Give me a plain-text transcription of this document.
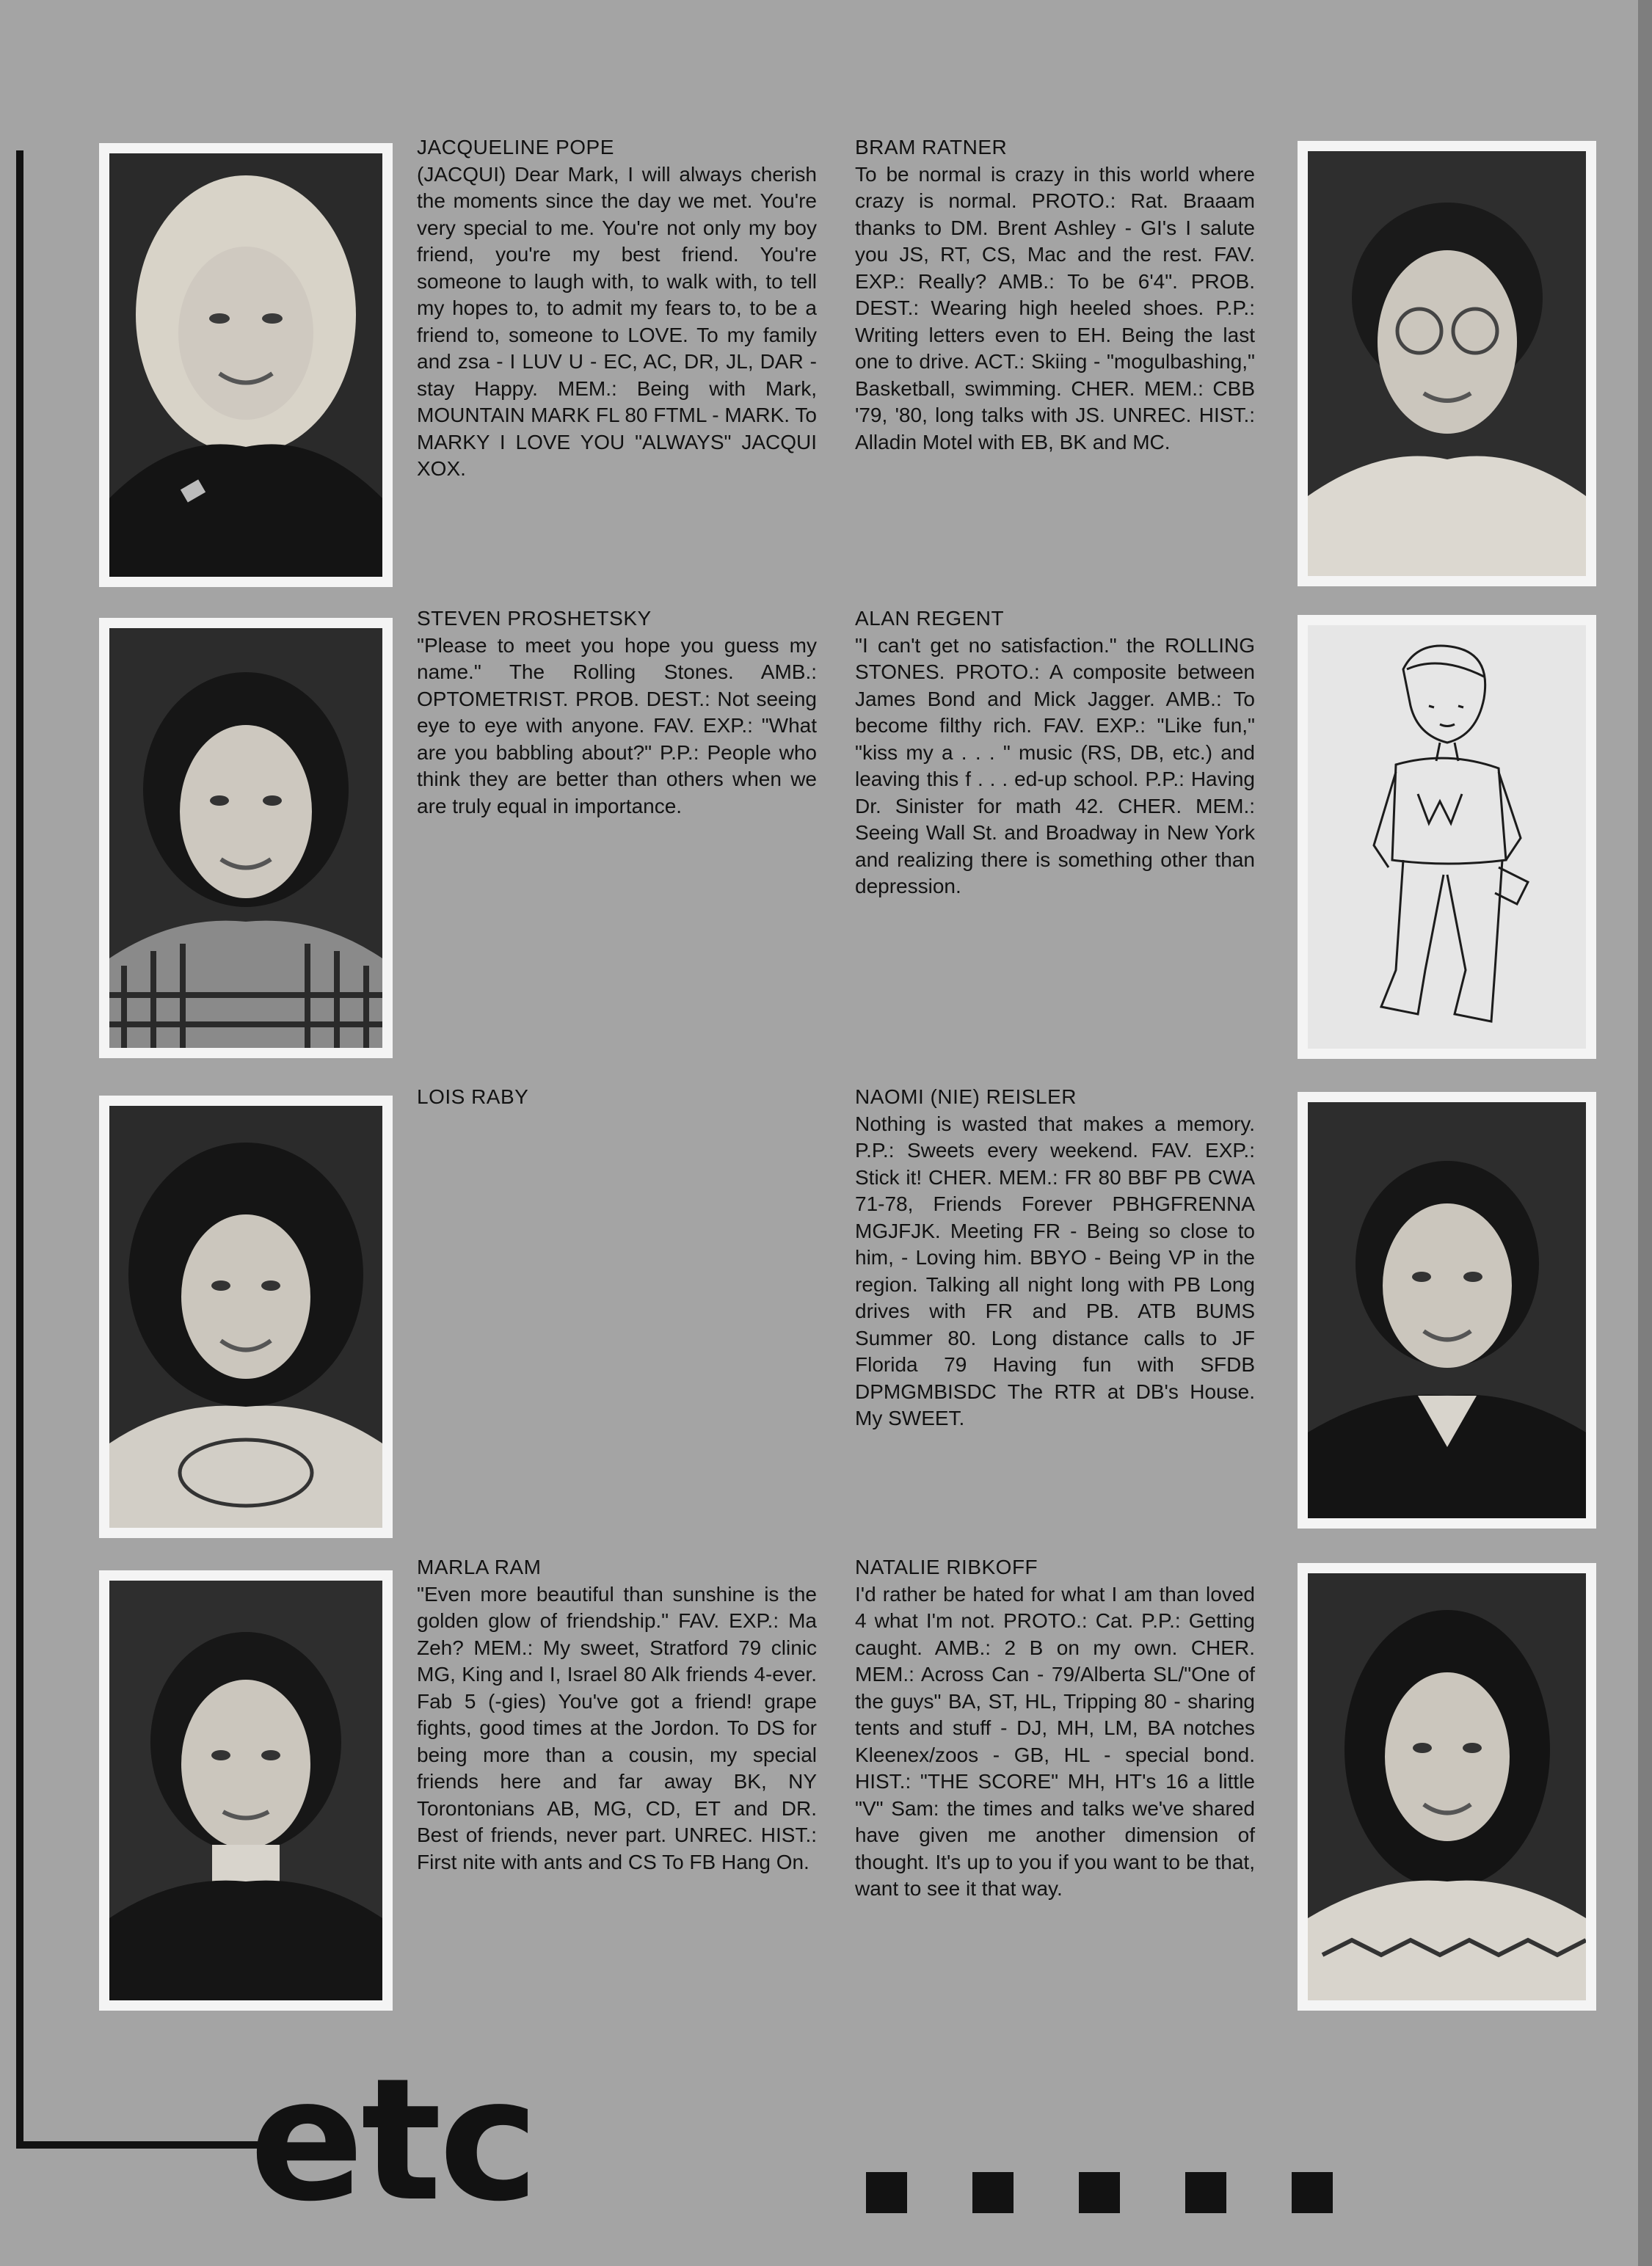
JACQUELINE POPE
(JACQUI) Dear Mark, I will always cherish the moments since the day we met. You're very special to me. You're not only my boy friend, you're my best friend. You're someone to laugh with, to walk with, to tell my hopes to, to admit my fears to, to be a friend to, someone to LOVE. To my family and zsa - I LUV U - EC, AC, DR, JL, DAR - stay Happy. MEM.: Being with Mark, MOUNTAIN MARK FL 80 FTML - MARK. To MARKY I LOVE YOU "ALWAYS" JACQUI XOX.
BRAM RATNER
To be normal is crazy in this world where crazy is normal. PROTO.: Rat. Braaam thanks to DM. Brent Ashley - GI's I salute you JS, RT, CS, Mac and the rest. FAV. EXP.: Really? AMB.: To be 6'4". PROB. DEST.: Wearing high heeled shoes. P.P.: Writing letters even to EH. Being the last one to drive. ACT.: Skiing - "mogulbashing," Basketball, swimming. CHER. MEM.: CBB '79, '80, long talks with JS. UNREC. HIST.: Alladin Motel with EB, BK and MC.
STEVEN PROSHETSKY
"Please to meet you hope you guess my name." The Rolling Stones. AMB.: OPTOMETRIST. PROB. DEST.: Not seeing eye to eye with anyone. FAV. EXP.: "What are you babbling about?" P.P.: People who think they are better than others when we are truly equal in importance.
ALAN REGENT
"I can't get no satisfaction." the ROLLING STONES. PROTO.: A composite between James Bond and Mick Jagger. AMB.: To become filthy rich. FAV. EXP.: "Like fun," "kiss my a . . . " music (RS, DB, etc.) and leaving this f . . . ed-up school. P.P.: Having Dr. Sinister for math 42. CHER. MEM.: Seeing Wall St. and Broadway in New York and realizing there is something other than depression.
LOIS RABY	NAOMI (NIE) REISLER
Nothing is wasted that makes a memory. P.P.: Sweets every weekend. FAV. EXP.: Stick it! CHER. MEM.: FR 80 BBF PB CWA 71-78, Friends Forever PBHGFRENNA MGJFJK. Meeting FR - Being so close to him, - Loving him. BBYO - Being VP in the region. Talking all night long with PB Long drives with FR and PB. ATB BUMS Summer 80. Long distance calls to JF Florida 79 Having fun with SFDB DPMGMBISDC The RTR at DB's House. My SWEET.
MARLA RAM
"Even more beautiful than sunshine is the golden glow of friendship." FAV. EXP.: Ma Zeh? MEM.: My sweet, Stratford 79 clinic MG, King and I, Israel 80 Alk friends 4-ever. Fab 5 (-gies) You've got a friend! grape fights, good times at the Jordon. To DS for being more than a cousin, my special friends here and far away BK, NY Torontonians AB, MG, CD, ET and DR. Best of friends, never part. UNREC. HIST.: First nite with ants and CS To FB Hang On.
NATALIE RIBKOFF
I'd rather be hated for what I am than loved 4 what I'm not. PROTO.: Cat. P.P.: Getting caught. AMB.: 2 B on my own. CHER. MEM.: Across Can - 79/Alberta SL/"One of the guys" BA, ST, HL, Tripping 80 - sharing tents and stuff - DJ, MH, LM, BA notches Kleenex/zoos - GB, HL - special bond. HIST.: "THE SCORE" MH, HT's 16 a little "V" Sam: the times and talks we've shared have given me another dimension of thought. It's up to you if you want to be that, want to see it that way.
etc
